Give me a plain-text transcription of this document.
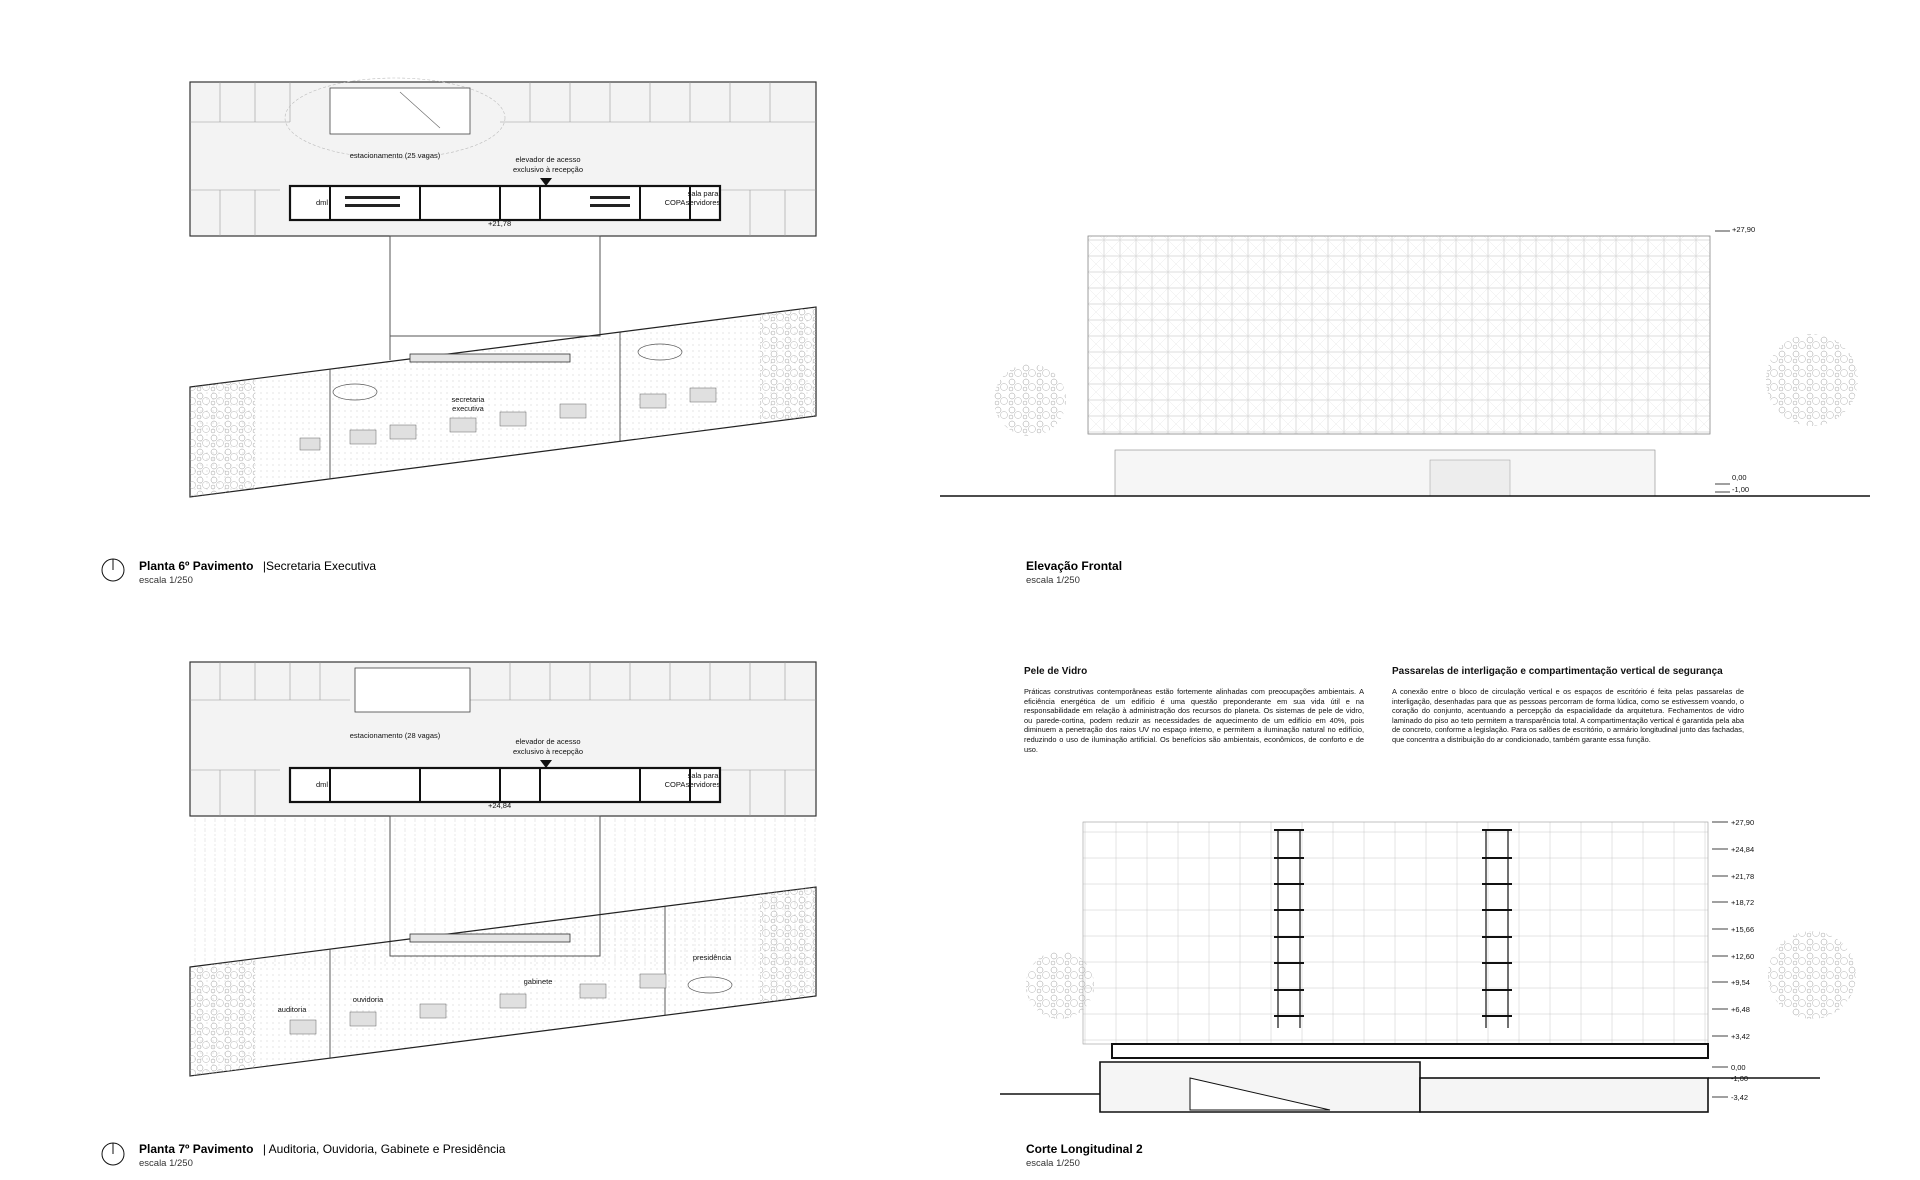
estacionamento (25 vagas)	elevador de acesso
exclusivo à recepção
dml	COPA
sala para
servidores
+21,78
secretaria
executiva
estacionamento (28 vagas)
elevador de acesso
exclusivo à recepção
dml	COPA
sala para
servidores
+24,84
auditoria
ouvidoria
gabinete
presidência
+27,90
0,00
-1,00
+27,90
+24,84
+21,78
+18,72
+15,66
+12,60
+9,54
+6,48
+3,42
0,00
-1,00
-3,42
Planta 6º Pavimento |Secretaria Executiva
escala 1/250
Planta 7º Pavimento | Auditoria, Ouvidoria, Gabinete e Presidência
escala 1/250
Elevação Frontal
escala 1/250
Corte Longitudinal 2
escala 1/250
Pele de Vidro

Práticas construtivas contemporâneas estão fortemente alinhadas com preocupações ambientais. A eficiência energética de um edifício é uma questão preponderante em sua vida útil e na responsabilidade em relação à administração dos recursos do planeta. Os sistemas de pele de vidro, ou parede-cortina, podem reduzir as necessidades de aquecimento de um edifício em 40%, pois diminuem a penetração dos raios UV no espaço interno, e permitem a iluminação natural no edifício, reduzindo o uso de iluminação artificial. Os benefícios são ambientais, econômicos, de conforto e de uso.

Passarelas de interligação e compartimentação vertical de segurança

A conexão entre o bloco de circulação vertical e os espaços de escritório é feita pelas passarelas de interligação, desenhadas para que as pessoas percorram de forma lúdica, como se estivessem voando, o coração do conjunto, acentuando a percepção da espacialidade da arquitetura. Fechamentos de vidro laminado do piso ao teto permitem a transparência total. A compartimentação vertical é garantida pela aba de concreto, conforme a legislação. Para os salões de escritório, o armário longitudinal junto das fachadas, que concentra a distribuição do ar condicionado, também garante essa função.
